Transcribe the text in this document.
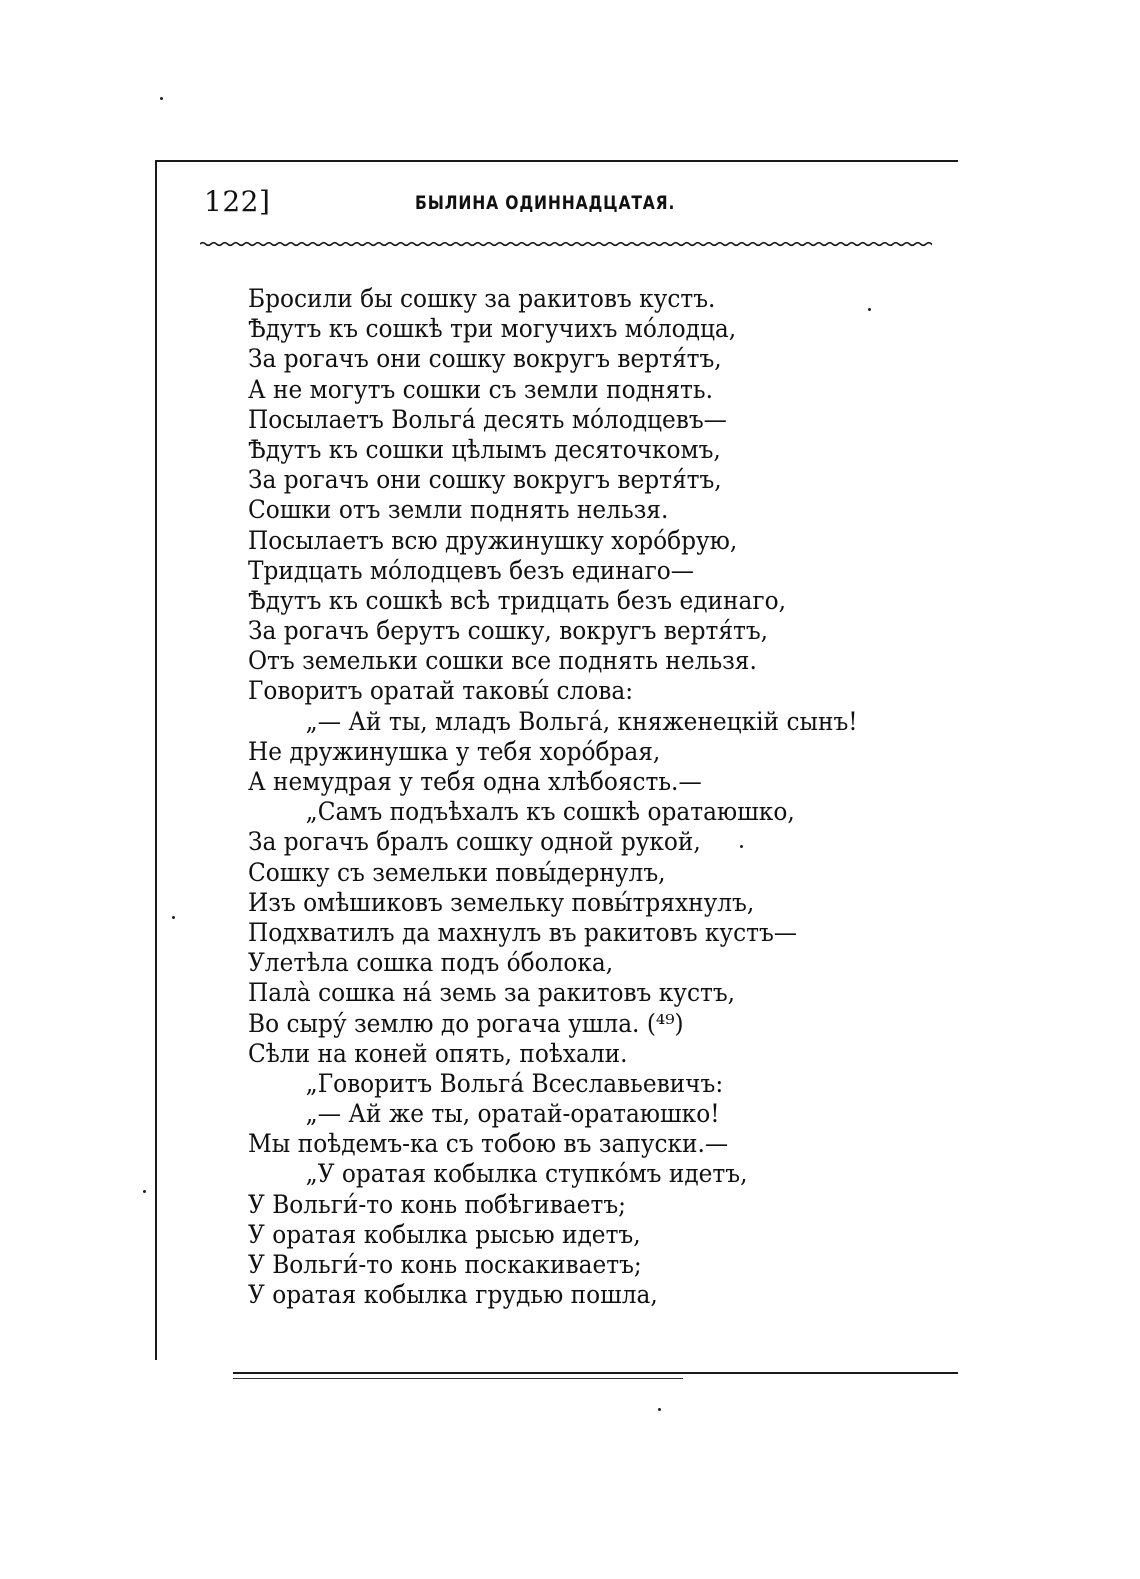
122]	БЫЛИНА ОДИННАДЦАТАЯ.
Бросили бы сошку за ракитовъ кустъ.
Ѣдутъ къ сошкѣ три могучихъ мо́лодца,
За рогачъ они сошку вокругъ вертя́тъ,
А не могутъ сошки съ земли поднять.
Посылаетъ Вольга́ десять мо́лодцевъ—
Ѣдутъ къ сошки цѣлымъ десяточкомъ,
За рогачъ они сошку вокругъ вертя́тъ,
Сошки отъ земли поднять нельзя.
Посылаетъ всю дружинушку хоро́брую,
Тридцать мо́лодцевъ безъ единаго—
Ѣдутъ къ сошкѣ всѣ тридцать безъ единаго,
За рогачъ берутъ сошку, вокругъ вертя́тъ,
Отъ земельки сошки все поднять нельзя.
Говоритъ оратай таковы́ слова:
„— Ай ты, младъ Вольга́, княженецкій сынъ!
Не дружинушка у тебя хоро́брая,
А немудрая у тебя одна хлѣбоясть.—
„Самъ подъѣхалъ къ сошкѣ оратаюшко,
За рогачъ бралъ сошку одной рукой,
Сошку съ земельки повы́дернулъ,
Изъ омѣшиковъ земельку повы́тряхнулъ,
Подхватилъ да махнулъ въ ракитовъ кустъ—
Улетѣла сошка подъ о́болока,
Пала̀ сошка на́ земь за ракитовъ кустъ,
Во сыру́ землю до рогача ушла. (⁴⁹)
Сѣли на коней опять, поѣхали.
„Говоритъ Вольга́ Всеславьевичъ:
„— Ай же ты, оратай-оратаюшко!
Мы поѣдемъ-ка съ тобою въ запуски.—
„У оратая кобылка ступко́мъ идетъ,
У Вольги́-то конь побѣгиваетъ;
У оратая кобылка рысью идетъ,
У Вольги́-то конь поскакиваетъ;
У оратая кобылка грудью пошла,
